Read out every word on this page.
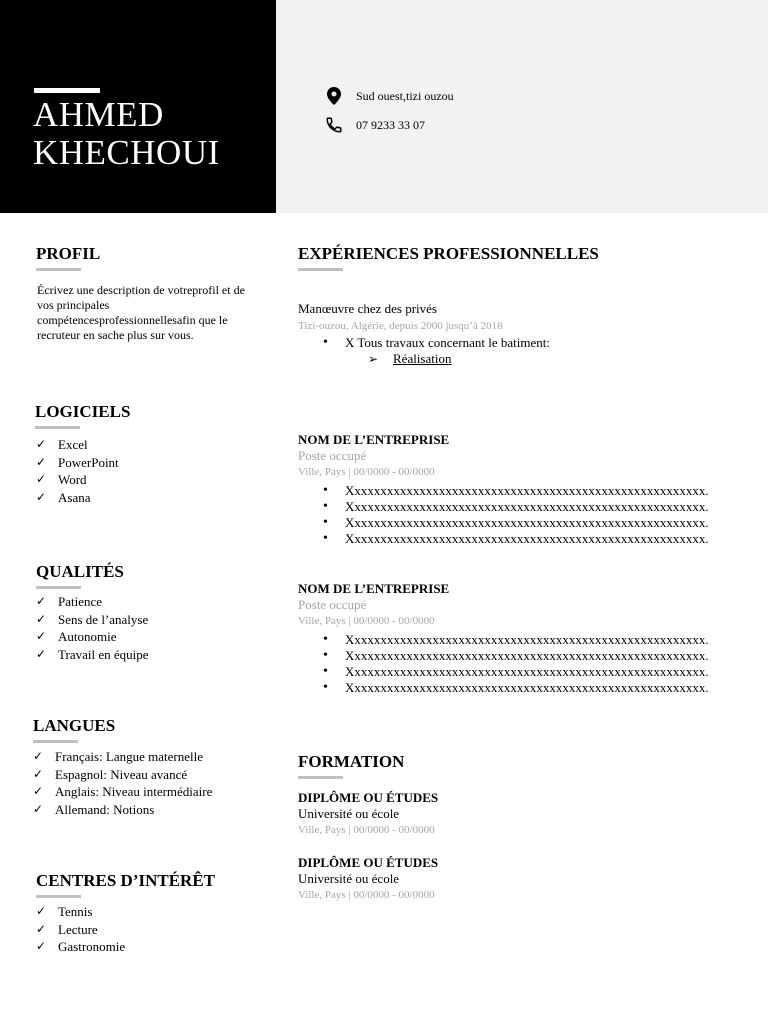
AHMED
KHECHOUI
Sud ouest,tizi ouzou
07 9233 33 07
PROFIL
Écrivez une description de votreprofil et de vos principales compétencesprofessionnellesafin que le recruteur en sache plus sur vous.
LOGICIELS
✓ Excel
✓ PowerPoint
✓ Word
✓ Asana
QUALITÉS
✓ Patience
✓ Sens de l’analyse
✓ Autonomie
✓ Travail en équipe
LANGUES
✓ Français: Langue maternelle
✓ Espagnol: Niveau avancé
✓ Anglais: Niveau intermédiaire
✓ Allemand: Notions
CENTRES D’INTÉRÊT
✓ Tennis
✓ Lecture
✓ Gastronomie
EXPÉRIENCES PROFESSIONNELLES
Manœuvre chez des privés
Tizi-ouzou, Algérie, depuis 2000 jusqu’à 2018
• X Tous travaux concernant le batiment:
➢ Réalisation
NOM DE L’ENTREPRISE
Poste occupé
Ville, Pays | 00/0000 - 00/0000
• Xxxxxxxxxxxxxxxxxxxxxxxxxxxxxxxxxxxxxxxxxxxxxxxxxxxxxxx.
• Xxxxxxxxxxxxxxxxxxxxxxxxxxxxxxxxxxxxxxxxxxxxxxxxxxxxxxx.
• Xxxxxxxxxxxxxxxxxxxxxxxxxxxxxxxxxxxxxxxxxxxxxxxxxxxxxxx.
• Xxxxxxxxxxxxxxxxxxxxxxxxxxxxxxxxxxxxxxxxxxxxxxxxxxxxxxx.
NOM DE L’ENTREPRISE
Poste occupé
Ville, Pays | 00/0000 - 00/0000
• Xxxxxxxxxxxxxxxxxxxxxxxxxxxxxxxxxxxxxxxxxxxxxxxxxxxxxxx.
• Xxxxxxxxxxxxxxxxxxxxxxxxxxxxxxxxxxxxxxxxxxxxxxxxxxxxxxx.
• Xxxxxxxxxxxxxxxxxxxxxxxxxxxxxxxxxxxxxxxxxxxxxxxxxxxxxxx.
• Xxxxxxxxxxxxxxxxxxxxxxxxxxxxxxxxxxxxxxxxxxxxxxxxxxxxxxx.
FORMATION
DIPLÔME OU ÉTUDES
Université ou école
Ville, Pays | 00/0000 - 00/0000
DIPLÔME OU ÉTUDES
Université ou école
Ville, Pays | 00/0000 - 00/0000
